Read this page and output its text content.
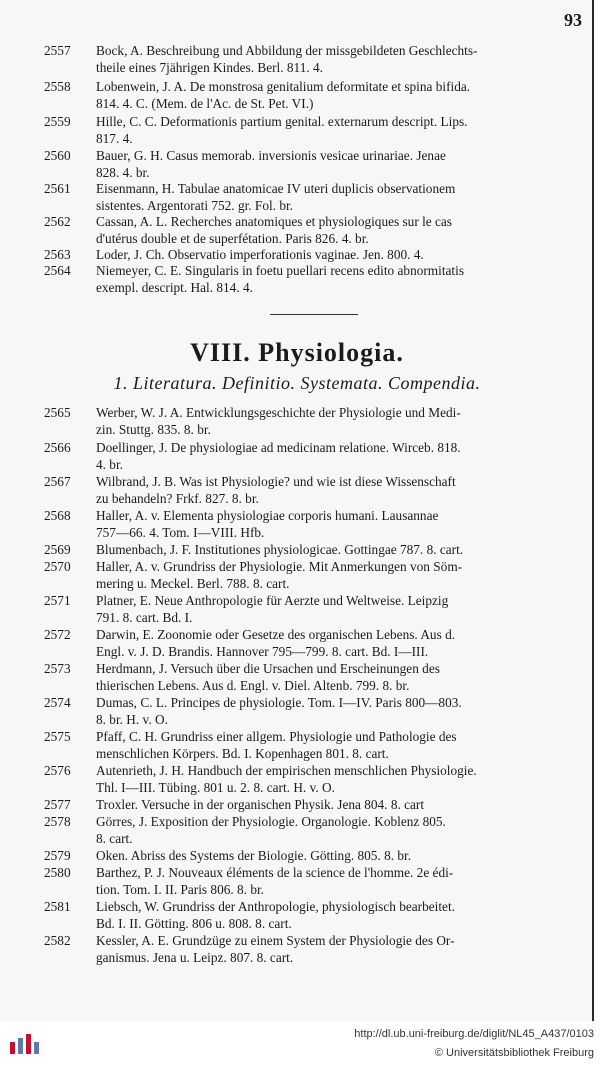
93
2557	Bock, A. Beschreibung und Abbildung der missgebildeten Geschlechts-
theile eines 7jährigen Kindes. Berl. 811. 4.
2558	Lobenwein, J. A. De monstrosa genitalium deformitate et spina bifida.
814. 4. C. (Mem. de l'Ac. de St. Pet. VI.)
2559	Hille, C. C. Deformationis partium genital. externarum descript. Lips.
817. 4.
2560	Bauer, G. H. Casus memorab. inversionis vesicae urinariae. Jenae
828. 4. br.
2561	Eisenmann, H. Tabulae anatomicae IV uteri duplicis observationem
sistentes. Argentorati 752. gr. Fol. br.
2562	Cassan, A. L. Recherches anatomiques et physiologiques sur le cas
d'utérus double et de superfétation. Paris 826. 4. br.
2563	Loder, J. Ch. Observatio imperforationis vaginae. Jen. 800. 4.
2564	Niemeyer, C. E. Singularis in foetu puellari recens edito abnormitatis
exempl. descript. Hal. 814. 4.
VIII. Physiologia.
1. Literatura. Definitio. Systemata. Compendia.
2565	Werber, W. J. A. Entwicklungsgeschichte der Physiologie und Medi-
zin. Stuttg. 835. 8. br.
2566	Doellinger, J. De physiologiae ad medicinam relatione. Wirceb. 818.
4. br.
2567	Wilbrand, J. B. Was ist Physiologie? und wie ist diese Wissenschaft
zu behandeln? Frkf. 827. 8. br.
2568	Haller, A. v. Elementa physiologiae corporis humani. Lausannae
757—66. 4. Tom. I—VIII. Hfb.
2569	Blumenbach, J. F. Institutiones physiologicae. Gottingae 787. 8. cart.
2570	Haller, A. v. Grundriss der Physiologie. Mit Anmerkungen von Söm-
mering u. Meckel. Berl. 788. 8. cart.
2571	Platner, E. Neue Anthropologie für Aerzte und Weltweise. Leipzig
791. 8. cart. Bd. I.
2572	Darwin, E. Zoonomie oder Gesetze des organischen Lebens. Aus d.
Engl. v. J. D. Brandis. Hannover 795—799. 8. cart. Bd. I—III.
2573	Herdmann, J. Versuch über die Ursachen und Erscheinungen des
thierischen Lebens. Aus d. Engl. v. Diel. Altenb. 799. 8. br.
2574	Dumas, C. L. Principes de physiologie. Tom. I—IV. Paris 800—803.
8. br. H. v. O.
2575	Pfaff, C. H. Grundriss einer allgem. Physiologie und Pathologie des
menschlichen Körpers. Bd. I. Kopenhagen 801. 8. cart.
2576	Autenrieth, J. H. Handbuch der empirischen menschlichen Physiologie.
Thl. I—III. Tübing. 801 u. 2. 8. cart. H. v. O.
2577	Troxler. Versuche in der organischen Physik. Jena 804. 8. cart
2578	Görres, J. Exposition der Physiologie. Organologie. Koblenz 805.
8. cart.
2579	Oken. Abriss des Systems der Biologie. Götting. 805. 8. br.
2580	Barthez, P. J. Nouveaux éléments de la science de l'homme. 2e édi-
tion. Tom. I. II. Paris 806. 8. br.
2581	Liebsch, W. Grundriss der Anthropologie, physiologisch bearbeitet.
Bd. I. II. Götting. 806 u. 808. 8. cart.
2582	Kessler, A. E. Grundzüge zu einem System der Physiologie des Or-
ganismus. Jena u. Leipz. 807. 8. cart.
http://dl.ub.uni-freiburg.de/diglit/NL45_A437/0103
© Universitätsbibliothek Freiburg
